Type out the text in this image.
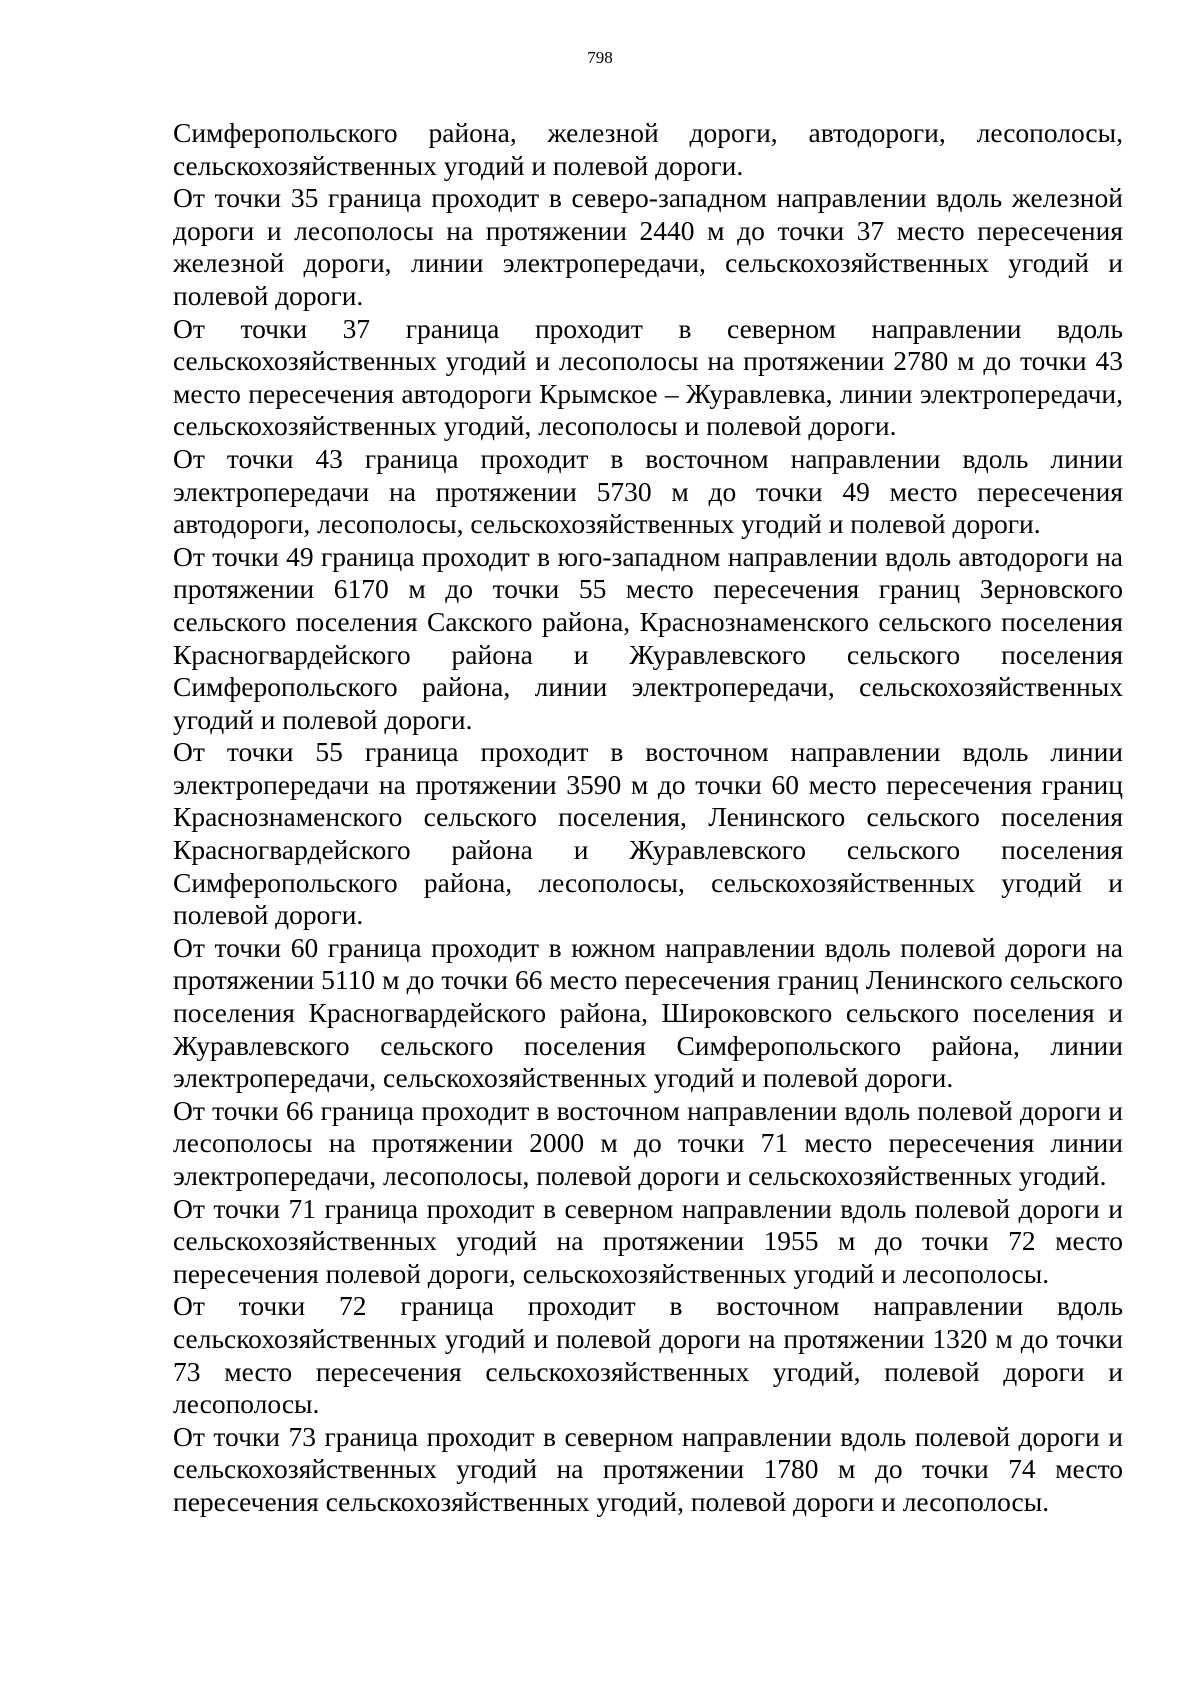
798

Симферопольского района, железной дороги, автодороги, лесополосы, сельскохозяйственных угодий и полевой дороги.

От точки 35 граница проходит в северо-западном направлении вдоль железной дороги и лесополосы на протяжении 2440 м до точки 37 место пересечения железной дороги, линии электропередачи, сельскохозяйственных угодий и полевой дороги.

От точки 37 граница проходит в северном направлении вдоль сельскохозяйственных угодий и лесополосы на протяжении 2780 м до точки 43 место пересечения автодороги Крымское – Журавлевка, линии электропередачи, сельскохозяйственных угодий, лесополосы и полевой дороги.

От точки 43 граница проходит в восточном направлении вдоль линии электропередачи на протяжении 5730 м до точки 49 место пересечения автодороги, лесополосы, сельскохозяйственных угодий и полевой дороги.

От точки 49 граница проходит в юго-западном направлении вдоль автодороги на протяжении 6170 м до точки 55 место пересечения границ Зерновского сельского поселения Сакского района, Краснознаменского сельского поселения Красногвардейского района и Журавлевского сельского поселения Симферопольского района, линии электропередачи, сельскохозяйственных угодий и полевой дороги.

От точки 55 граница проходит в восточном направлении вдоль линии электропередачи на протяжении 3590 м до точки 60 место пересечения границ Краснознаменского сельского поселения, Ленинского сельского поселения Красногвардейского района и Журавлевского сельского поселения Симферопольского района, лесополосы, сельскохозяйственных угодий и полевой дороги.

От точки 60 граница проходит в южном направлении вдоль полевой дороги на протяжении 5110 м до точки 66 место пересечения границ Ленинского сельского поселения Красногвардейского района, Широковского сельского поселения и Журавлевского сельского поселения Симферопольского района, линии электропередачи, сельскохозяйственных угодий и полевой дороги.

От точки 66 граница проходит в восточном направлении вдоль полевой дороги и лесополосы на протяжении 2000 м до точки 71 место пересечения линии электропередачи, лесополосы, полевой дороги и сельскохозяйственных угодий.

От точки 71 граница проходит в северном направлении вдоль полевой дороги и сельскохозяйственных угодий на протяжении 1955 м до точки 72 место пересечения полевой дороги, сельскохозяйственных угодий и лесополосы.

От точки 72 граница проходит в восточном направлении вдоль сельскохозяйственных угодий и полевой дороги на протяжении 1320 м до точки 73 место пересечения сельскохозяйственных угодий, полевой дороги и лесополосы.

От точки 73 граница проходит в северном направлении вдоль полевой дороги и сельскохозяйственных угодий на протяжении 1780 м до точки 74 место пересечения сельскохозяйственных угодий, полевой дороги и лесополосы.
